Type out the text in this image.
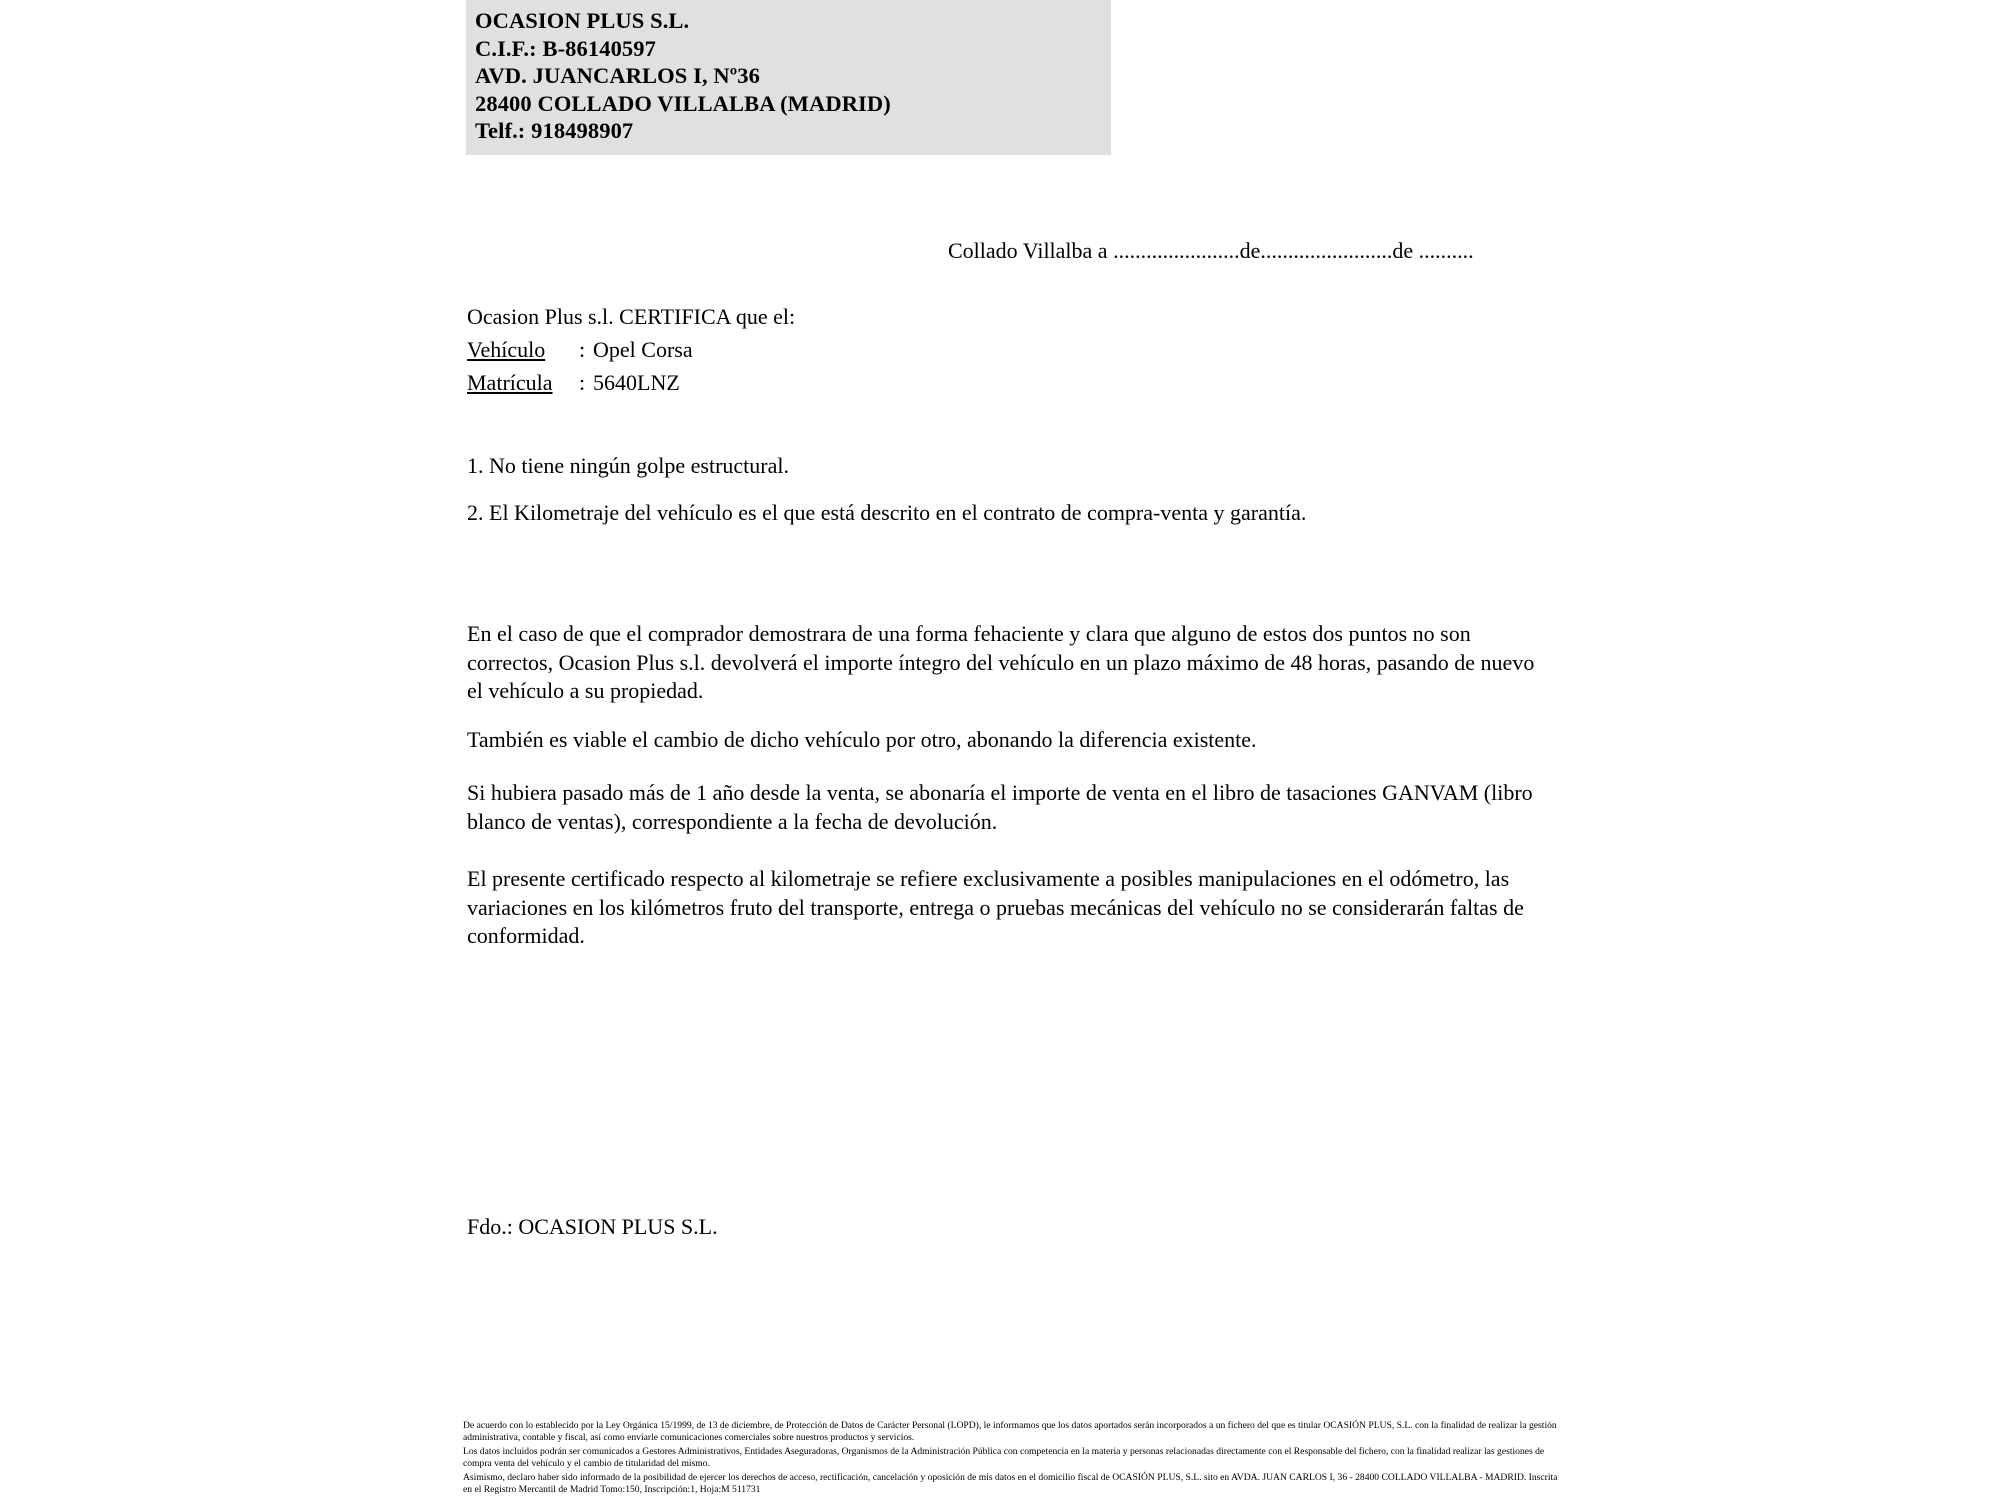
OCASION PLUS S.L.
C.I.F.: B-86140597
AVD. JUANCARLOS I, Nº36
28400 COLLADO VILLALBA (MADRID)
Telf.: 918498907
Collado Villalba a .......................de........................de ..........
Ocasion Plus s.l. CERTIFICA que el:
Vehículo : Opel Corsa
Matrícula : 5640LNZ
1. No tiene ningún golpe estructural.
2. El Kilometraje del vehículo es el que está descrito en el contrato de compra-venta y garantía.
En el caso de que el comprador demostrara de una forma fehaciente y clara que alguno de estos dos puntos no son correctos, Ocasion Plus s.l. devolverá el importe íntegro del vehículo en un plazo máximo de 48 horas, pasando de nuevo el vehículo a su propiedad.
También es viable el cambio de dicho vehículo por otro, abonando la diferencia existente.
Si hubiera pasado más de 1 año desde la venta, se abonaría el importe de venta en el libro de tasaciones GANVAM (libro blanco de ventas), correspondiente a la fecha de devolución.
El presente certificado respecto al kilometraje se refiere exclusivamente a posibles manipulaciones en el odómetro, las variaciones en los kilómetros fruto del transporte, entrega o pruebas mecánicas del vehículo no se considerarán faltas de conformidad.
Fdo.: OCASION PLUS S.L.

De acuerdo con lo establecido por la Ley Orgánica 15/1999, de 13 de diciembre, de Protección de Datos de Carácter Personal (LOPD), le informamos que los datos aportados serán incorporados a un fichero del que es titular OCASIÓN PLUS, S.L. con la finalidad de realizar la gestión administrativa, contable y fiscal, así como enviarle comunicaciones comerciales sobre nuestros productos y servicios.

Los datos incluidos podrán ser comunicados a Gestores Administrativos, Entidades Aseguradoras, Organismos de la Administración Pública con competencia en la materia y personas relacionadas directamente con el Responsable del fichero, con la finalidad realizar las gestiones de compra venta del vehículo y el cambio de titularidad del mismo.

Asimismo, declaro haber sido informado de la posibilidad de ejercer los derechos de acceso, rectificación, cancelación y oposición de mis datos en el domicilio fiscal de OCASIÓN PLUS, S.L. sito en AVDA. JUAN CARLOS I, 36 - 28400 COLLADO VILLALBA - MADRID. Inscrita en el Registro Mercantil de Madrid Tomo:150, Inscripción:1, Hoja:M 511731
